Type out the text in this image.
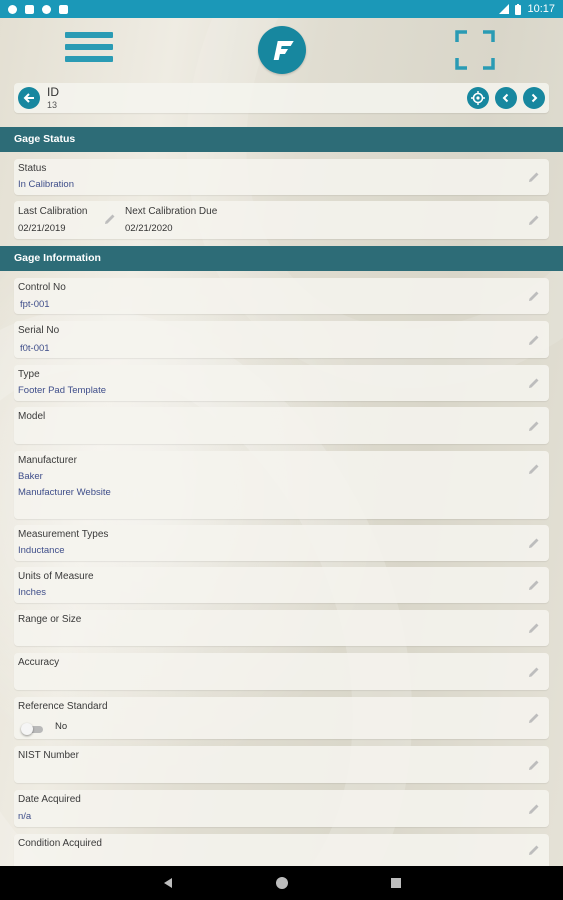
10:17
ID
13
Gage Status
Status
In Calibration
Last Calibration
02/21/2019
Next Calibration Due
02/21/2020
Gage Information
Control No
fpt-001
Serial No
f0t-001
Type
Footer Pad Template
Model
Manufacturer
Baker
Manufacturer Website
Measurement Types
Inductance
Units of Measure
Inches
Range or Size
Accuracy
Reference Standard
No
NIST Number
Date Acquired
n/a
Condition Acquired
